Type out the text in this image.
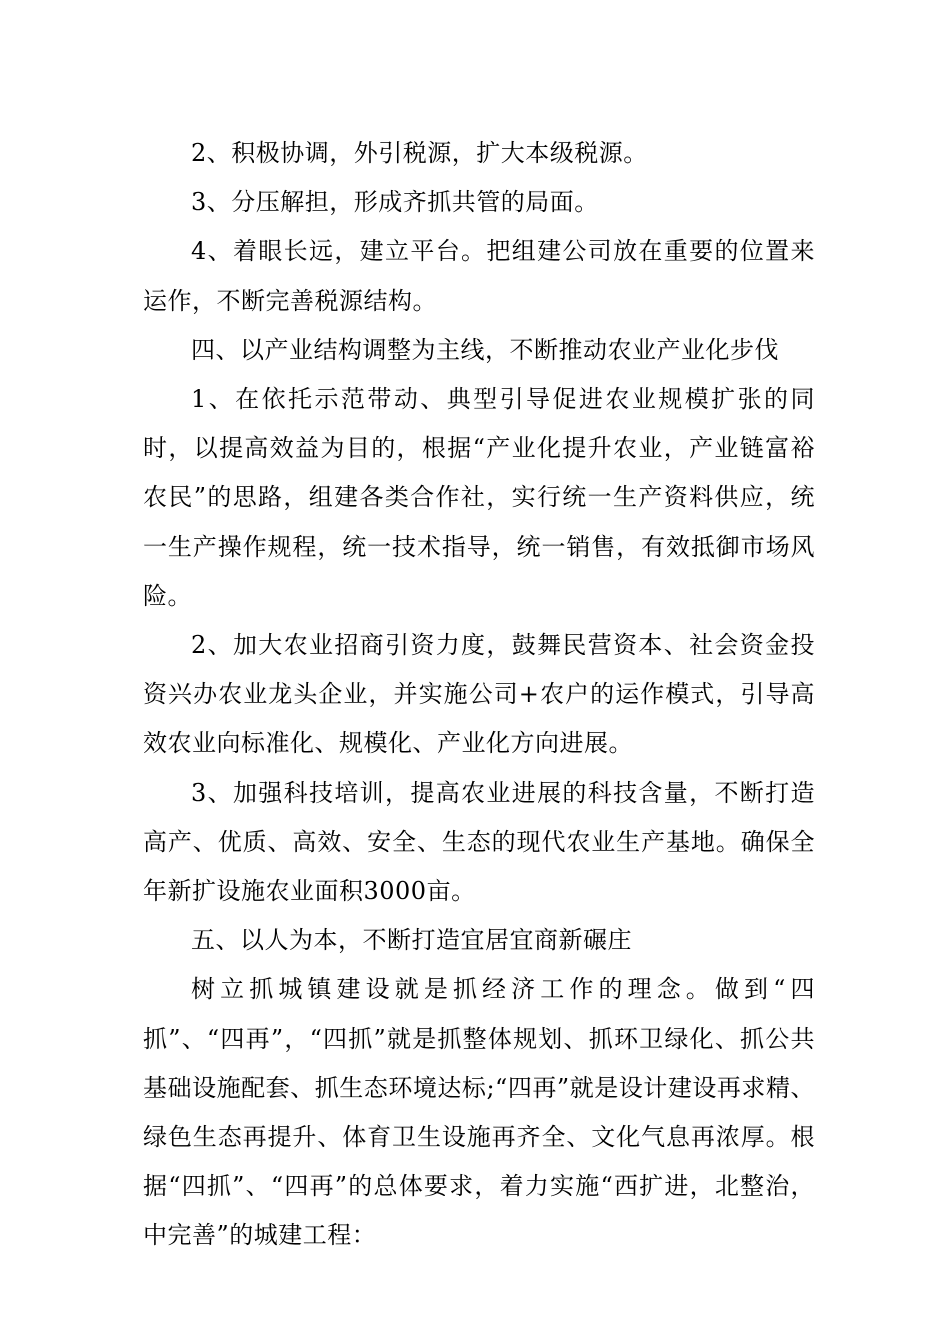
2、积极协调，外引税源，扩大本级税源。

3、分压解担，形成齐抓共管的局面。

4、着眼长远，建立平台。把组建公司放在重要的位置来运作，不断完善税源结构。

四、以产业结构调整为主线，不断推动农业产业化步伐

1、在依托示范带动、典型引导促进农业规模扩张的同时，以提高效益为目的，根据“产业化提升农业，产业链富裕农民”的思路，组建各类合作社，实行统一生产资料供应，统一生产操作规程，统一技术指导，统一销售，有效抵御市场风险。

2、加大农业招商引资力度，鼓舞民营资本、社会资金投资兴办农业龙头企业，并实施公司+农户的运作模式，引导高效农业向标准化、规模化、产业化方向进展。

3、加强科技培训，提高农业进展的科技含量，不断打造高产、优质、高效、安全、生态的现代农业生产基地。确保全年新扩设施农业面积3000亩。

五、以人为本，不断打造宜居宜商新碾庄

树立抓城镇建设就是抓经济工作的理念。做到“四抓”、“四再”，“四抓”就是抓整体规划、抓环卫绿化、抓公共基础设施配套、抓生态环境达标;“四再”就是设计建设再求精、绿色生态再提升、体育卫生设施再齐全、文化气息再浓厚。根据“四抓”、“四再”的总体要求，着力实施“西扩进，北整治，中完善”的城建工程：
